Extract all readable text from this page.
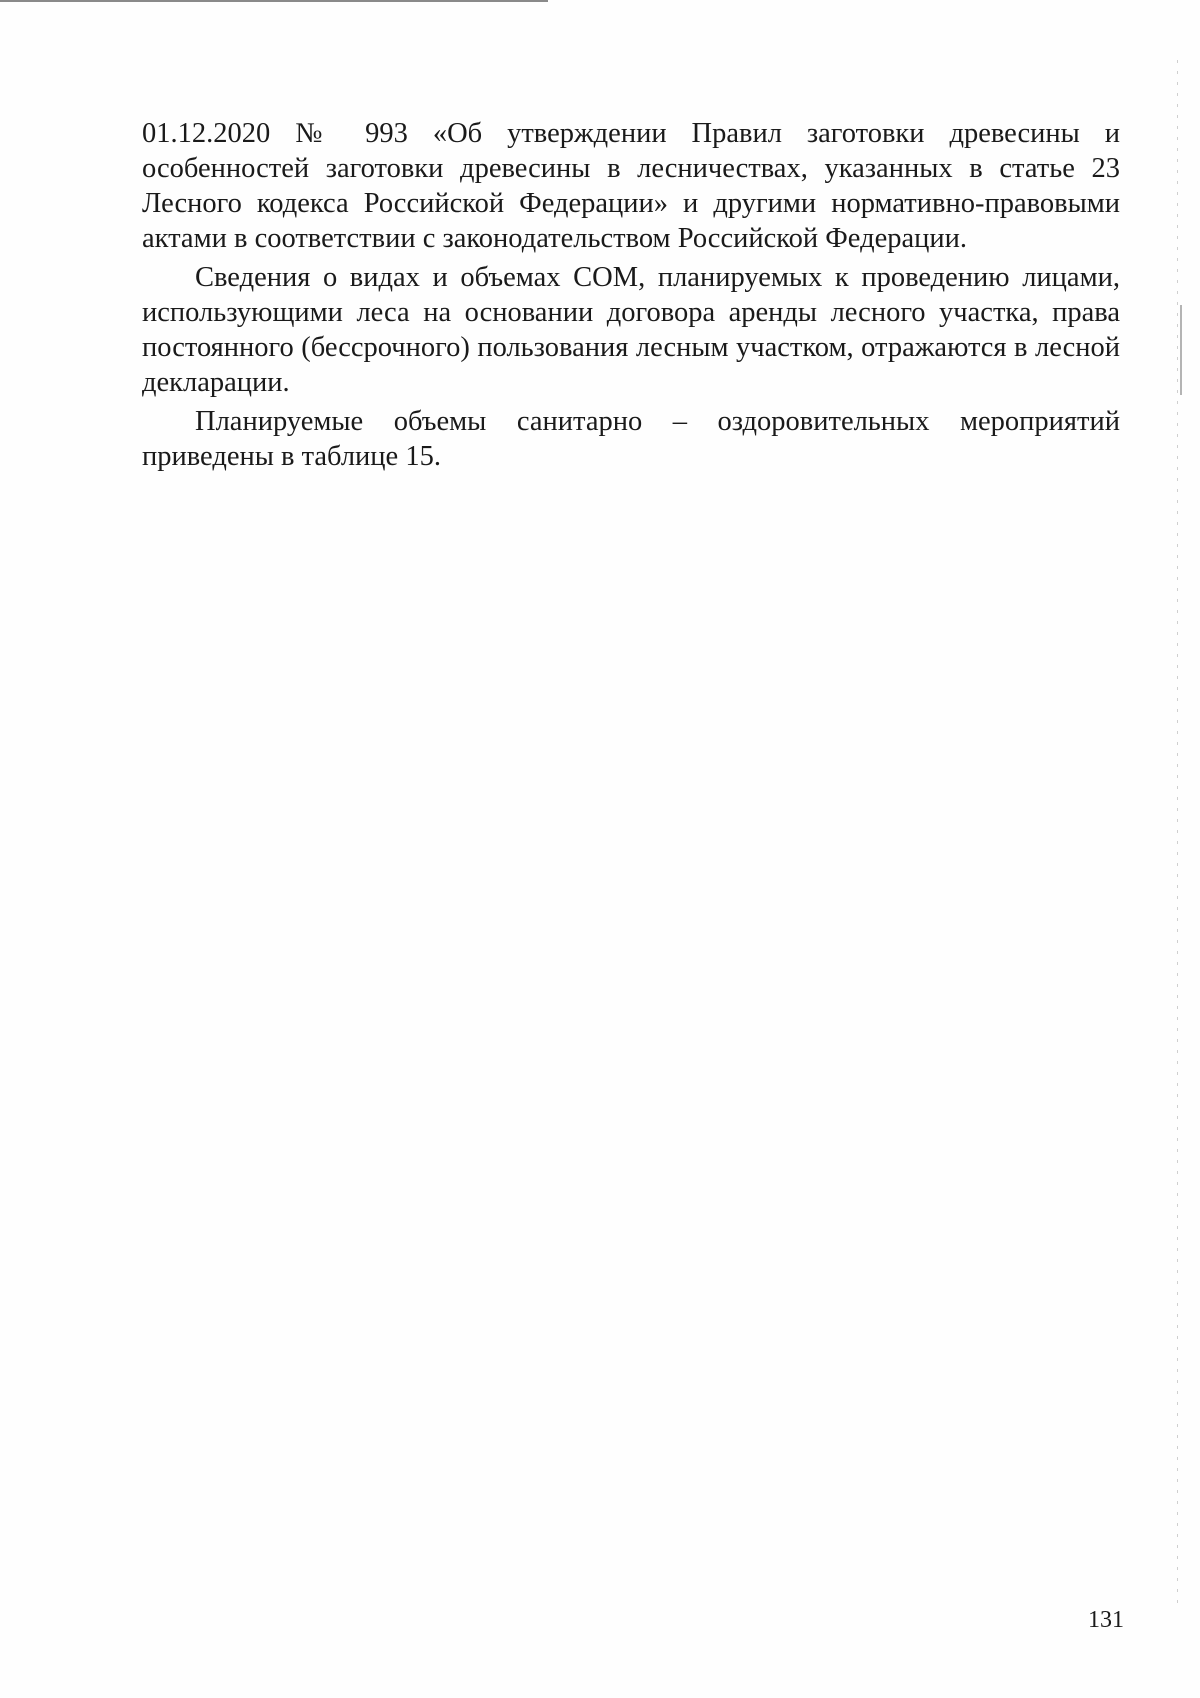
01.12.2020 № 993 «Об утверждении Правил заготовки древесины и особенностей заготовки древесины в лесничествах, указанных в статье 23 Лесного кодекса Российской Федерации» и другими нормативно-правовыми актами в соответствии с законодательством Российской Федерации.

Сведения о видах и объемах СОМ, планируемых к проведению лицами, использующими леса на основании договора аренды лесного участка, права постоянного (бессрочного) пользования лесным участком, отражаются в лесной декларации.

Планируемые объемы санитарно – оздоровительных мероприятий приведены в таблице 15.

131
